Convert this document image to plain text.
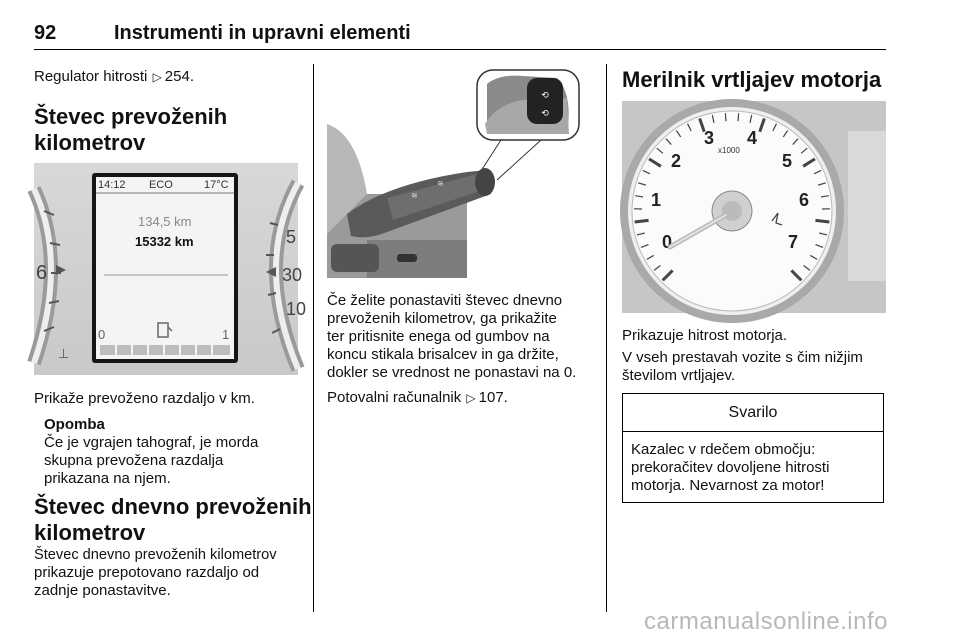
92	Instrumenti in upravni elementi

Regulator hitrosti ▷ 254.

Števec prevoženih
kilometrov
6
⊥
5
30
10
14:12 ECO	17°C
134,5 km
15332 km
0	1

Prikaže prevoženo razdaljo v km.

Opomba
Če je vgrajen tahograf, je morda
skupna prevožena razdalja
prikazana na njem.
Števec dnevno prevoženih
kilometrov
Števec dnevno prevoženih kilometrov
prikazuje prepotovano razdaljo od
zadnje ponastavitve.
⟲
⟲
≋
≋
Če želite ponastaviti števec dnevno
prevoženih kilometrov, ga prikažite
ter pritisnite enega od gumbov na
koncu stikala brisalcev in ga držite,
dokler se vrednost ne ponastavi na 0.

Potovalni računalnik ▷ 107.

Merilnik vrtljajev motorja
0
1
2
3 4
5
6
7
x1000

Prikazuje hitrost motorja.

V vseh prestavah vozite s čim nižjim
številom vrtljajev.
Svarilo
Kazalec v rdečem območju:
prekoračitev dovoljene hitrosti
motorja. Nevarnost za motor!
carmanualsonline.info
